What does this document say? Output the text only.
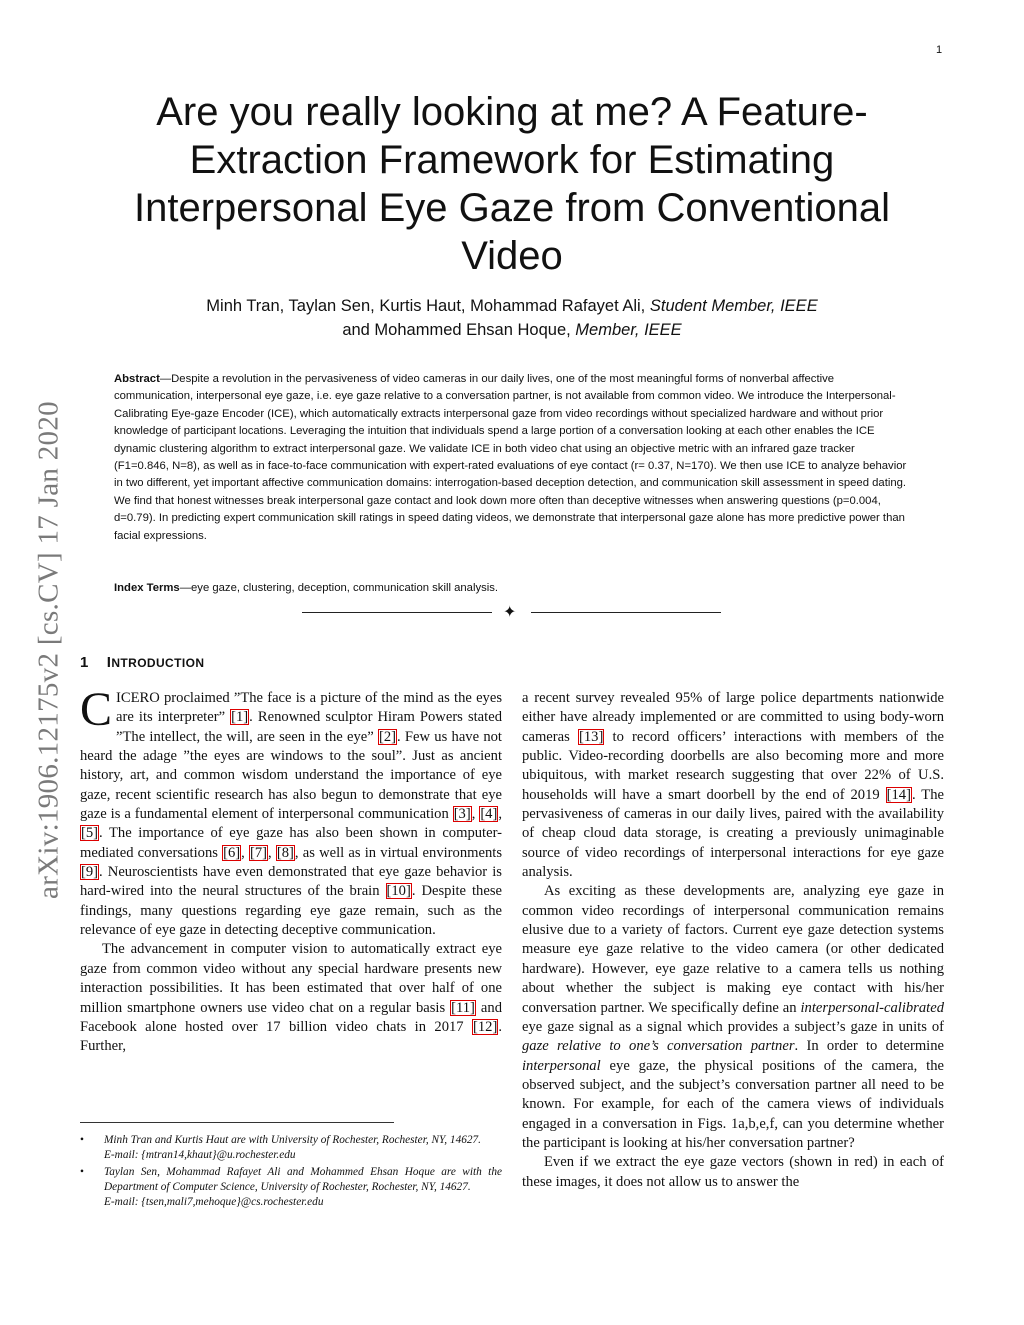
1
arXiv:1906.12175v2 [cs.CV] 17 Jan 2020
Are you really looking at me? A Feature-Extraction Framework for Estimating Interpersonal Eye Gaze from Conventional Video
Minh Tran, Taylan Sen, Kurtis Haut, Mohammad Rafayet Ali, Student Member, IEEE
and Mohammed Ehsan Hoque, Member, IEEE
Abstract—Despite a revolution in the pervasiveness of video cameras in our daily lives, one of the most meaningful forms of nonverbal affective communication, interpersonal eye gaze, i.e. eye gaze relative to a conversation partner, is not available from common video. We introduce the Interpersonal-Calibrating Eye-gaze Encoder (ICE), which automatically extracts interpersonal gaze from video recordings without specialized hardware and without prior knowledge of participant locations. Leveraging the intuition that individuals spend a large portion of a conversation looking at each other enables the ICE dynamic clustering algorithm to extract interpersonal gaze. We validate ICE in both video chat using an objective metric with an infrared gaze tracker (F1=0.846, N=8), as well as in face-to-face communication with expert-rated evaluations of eye contact (r= 0.37, N=170). We then use ICE to analyze behavior in two different, yet important affective communication domains: interrogation-based deception detection, and communication skill assessment in speed dating. We find that honest witnesses break interpersonal gaze contact and look down more often than deceptive witnesses when answering questions (p=0.004, d=0.79). In predicting expert communication skill ratings in speed dating videos, we demonstrate that interpersonal gaze alone has more predictive power than facial expressions.
Index Terms—eye gaze, clustering, deception, communication skill analysis.
✦
1 INTRODUCTION

CICERO proclaimed ”The face is a picture of the mind as the eyes are its interpreter” [1]. Renowned sculptor Hiram Powers stated ”The intellect, the will, are seen in the eye” [2]. Few us have not heard the adage ”the eyes are windows to the soul”. Just as ancient history, art, and common wisdom understand the importance of eye gaze, recent scientific research has also begun to demonstrate that eye gaze is a fundamental element of interpersonal communication [3], [4], [5]. The importance of eye gaze has also been shown in computer-mediated conversations [6], [7], [8], as well as in virtual environments [9]. Neuroscientists have even demonstrated that eye gaze behavior is hard-wired into the neural structures of the brain [10]. Despite these findings, many questions regarding eye gaze remain, such as the relevance of eye gaze in detecting deceptive communication.

The advancement in computer vision to automatically extract eye gaze from common video without any special hardware presents new interaction possibilities. It has been estimated that over half of one million smartphone owners use video chat on a regular basis [11] and Facebook alone hosted over 17 billion video chats in 2017 [12]. Further,

• Minh Tran and Kurtis Haut are with University of Rochester, Rochester, NY, 14627.
E-mail: {mtran14,khaut}@u.rochester.edu
• Taylan Sen, Mohammad Rafayet Ali and Mohammed Ehsan Hoque are with the Department of Computer Science, University of Rochester, Rochester, NY, 14627.
E-mail: {tsen,mali7,mehoque}@cs.rochester.edu

a recent survey revealed 95% of large police departments nationwide either have already implemented or are committed to using body-worn cameras [13] to record officers’ interactions with members of the public. Video-recording doorbells are also becoming more and more ubiquitous, with market research suggesting that over 22% of U.S. households will have a smart doorbell by the end of 2019 [14]. The pervasiveness of cameras in our daily lives, paired with the availability of cheap cloud data storage, is creating a previously unimaginable source of video recordings of interpersonal interactions for eye gaze analysis.

As exciting as these developments are, analyzing eye gaze in common video recordings of interpersonal communication remains elusive due to a variety of factors. Current eye gaze detection systems measure eye gaze relative to the video camera (or other dedicated hardware). However, eye gaze relative to a camera tells us nothing about whether the subject is making eye contact with his/her conversation partner. We specifically define an interpersonal-calibrated eye gaze signal as a signal which provides a subject’s gaze in units of gaze relative to one’s conversation partner. In order to determine interpersonal eye gaze, the physical positions of the camera, the observed subject, and the subject’s conversation partner all need to be known. For example, for each of the camera views of individuals engaged in a conversation in Figs. 1a,b,e,f, can you determine whether the participant is looking at his/her conversation partner?

Even if we extract the eye gaze vectors (shown in red) in each of these images, it does not allow us to answer the
